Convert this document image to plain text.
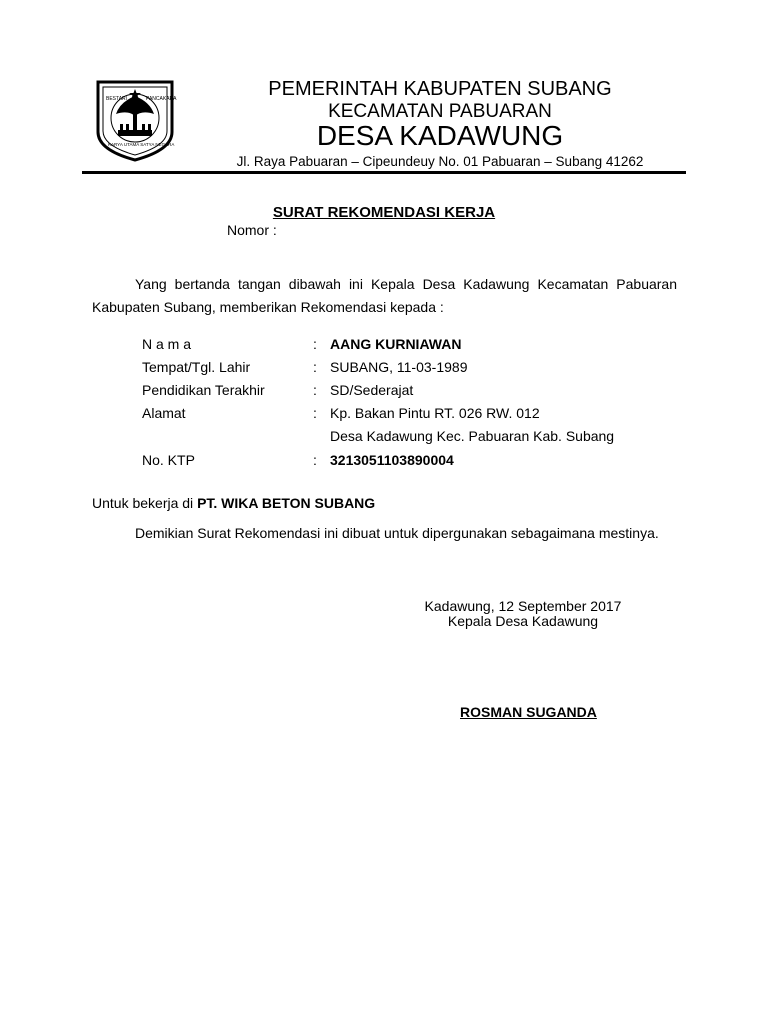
BESTARI	PANCAKARA
KARYA UTAMA SATYA NEGARA
PEMERINTAH KABUPATEN SUBANG
KECAMATAN PABUARAN
DESA KADAWUNG
Jl. Raya Pabuaran – Cipeundeuy No. 01 Pabuaran – Subang 41262
SURAT REKOMENDASI KERJA
Nomor :
Yang bertanda tangan dibawah ini Kepala Desa Kadawung Kecamatan Pabuaran Kabupaten Subang, memberikan Rekomendasi kepada :
N a m a	: AANG KURNIAWAN
Tempat/Tgl. Lahir	: SUBANG, 11-03-1989
Pendidikan Terakhir	: SD/Sederajat
Alamat	: Kp. Bakan Pintu RT. 026 RW. 012
Desa Kadawung Kec. Pabuaran Kab. Subang
No. KTP	: 3213051103890004
Untuk bekerja di PT. WIKA BETON SUBANG
Demikian Surat Rekomendasi ini dibuat untuk dipergunakan sebagaimana mestinya.
Kadawung, 12 September 2017
Kepala Desa Kadawung
ROSMAN SUGANDA
